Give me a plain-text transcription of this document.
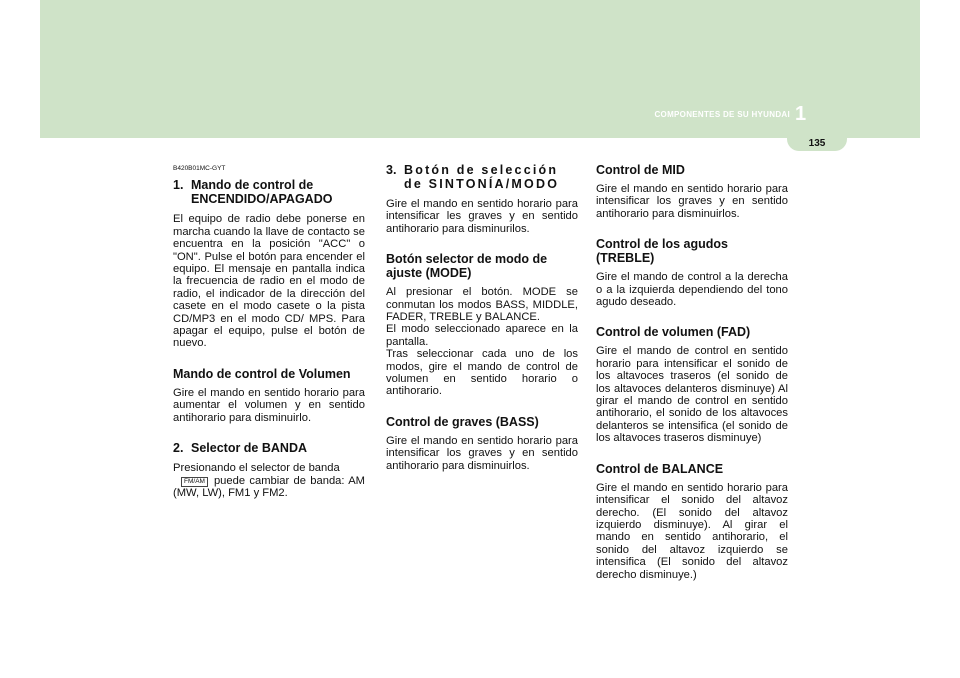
COMPONENTES DE SU HYUNDAI 1
135

B420B01MC-GYT

1. Mando de control de ENCENDIDO/APAGADO

El equipo de radio debe ponerse en marcha cuando la llave de contacto se encuentra en la posición "ACC" o "ON". Pulse el botón para encender el equipo. El mensaje en pantalla indica la frecuencia de radio en el modo de radio, el indicador de la dirección del casete en el modo casete o la pista CD/MP3 en el modo CD/ MPS. Para apagar el equipo, pulse el botón de nuevo.

Mando de control de Volumen

Gire el mando en sentido horario para aumentar el volumen y en sentido antihorario para disminuirlo.

2. Selector de BANDA

Presionando el selector de banda
FM/AM puede cambiar de banda: AM (MW, LW), FM1 y FM2.

3. Botón de selección de SINTONÍA/MODO

Gire el mando en sentido horario para intensificar les graves y en sentido antihorario para disminurilos.

Botón selector de modo de ajuste (MODE)

Al presionar el botón. MODE se conmutan los modos BASS, MIDDLE, FADER, TREBLE y BALANCE.

El modo seleccionado aparece en la pantalla.

Tras seleccionar cada uno de los modos, gire el mando de control de volumen en sentido horario o antihorario.

Control de graves (BASS)

Gire el mando en sentido horario para intensificar los graves y en sentido antihorario para disminuirlos.

Control de MID

Gire el mando en sentido horario para intensificar los graves y en sentido antihorario para disminuirlos.

Control de los agudos (TREBLE)

Gire el mando de control a la derecha o a la izquierda dependiendo del tono agudo deseado.

Control de volumen (FAD)

Gire el mando de control en sentido horario para intensificar el sonido de los altavoces traseros (el sonido de los altavoces delanteros disminuye) Al girar el mando de control en sentido antihorario, el sonido de los altavoces delanteros se intensifica (el sonido de los altavoces traseros disminuye)

Control de BALANCE

Gire el mando en sentido horario para intensificar el sonido del altavoz derecho. (El sonido del altavoz izquierdo disminuye). Al girar el mando en sentido antihorario, el sonido del altavoz izquierdo se intensifica (El sonido del altavoz derecho disminuye.)
